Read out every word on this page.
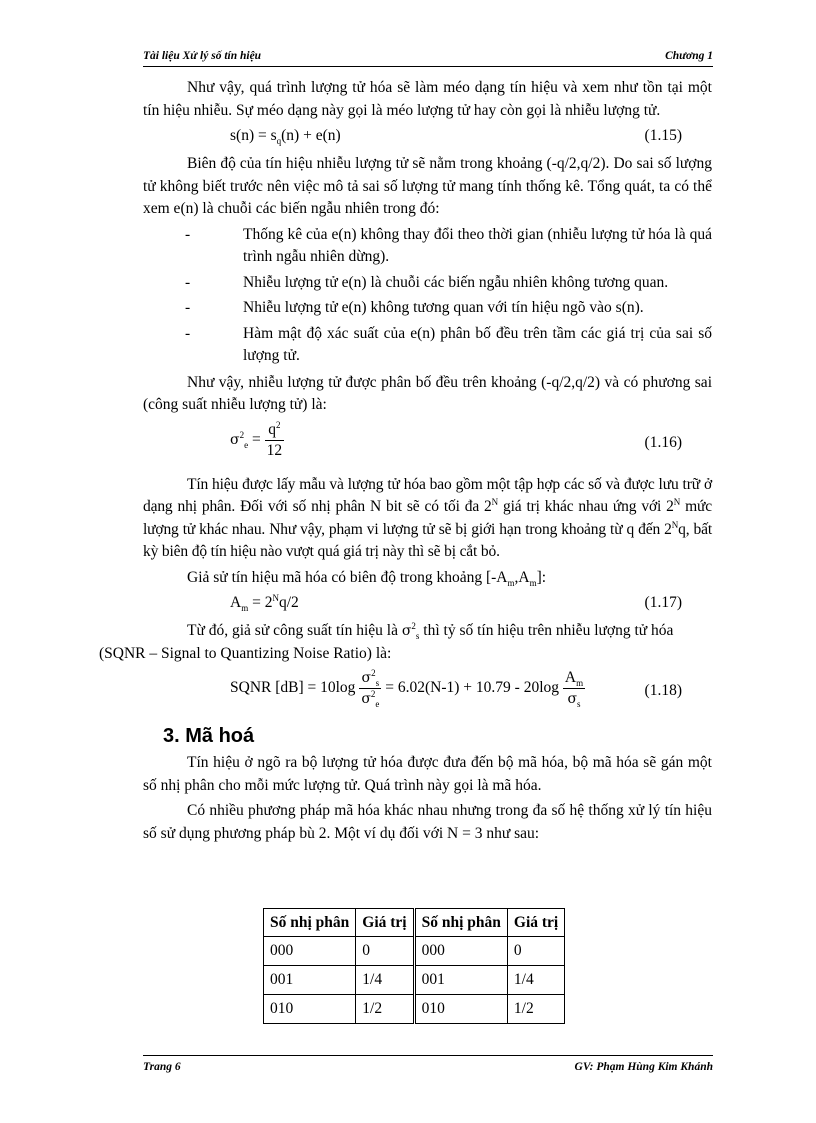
Tài liệu Xử lý số tín hiệu	Chương 1

Như vậy, quá trình lượng tử hóa sẽ làm méo dạng tín hiệu và xem như tồn tại một tín hiệu nhiễu. Sự méo dạng này gọi là méo lượng tử hay còn gọi là nhiễu lượng tử.

$s(n) = s_q(n) + e(n)$	(1.15)

Biên độ của tín hiệu nhiễu lượng tử sẽ nằm trong khoảng (-q/2,q/2). Do sai số lượng tử không biết trước nên việc mô tả sai số lượng tử mang tính thống kê. Tổng quát, ta có thể xem e(n) là chuỗi các biến ngẫu nhiên trong đó:

-	Thống kê của e(n) không thay đổi theo thời gian (nhiễu lượng tử hóa là quá trình ngẫu nhiên dừng).
-	Nhiễu lượng tử e(n) là chuỗi các biến ngẫu nhiên không tương quan.
-	Nhiễu lượng tử e(n) không tương quan với tín hiệu ngõ vào s(n).
-	Hàm mật độ xác suất của e(n) phân bố đều trên tầm các giá trị của sai số lượng tử.

Như vậy, nhiễu lượng tử được phân bố đều trên khoảng (-q/2,q/2) và có phương sai (công suất nhiễu lượng tử) là:

$\sigma^2_e = \frac{q^2}{12}$	(1.16)

Tín hiệu được lấy mẫu và lượng tử hóa bao gồm một tập hợp các số và được lưu trữ ở dạng nhị phân. Đối với số nhị phân N bit sẽ có tối đa $2^N$ giá trị khác nhau ứng với $2^N$ mức lượng tử khác nhau. Như vậy, phạm vi lượng tử sẽ bị giới hạn trong khoảng từ q đến $2^Nq$, bất kỳ biên độ tín hiệu nào vượt quá giá trị này thì sẽ bị cắt bỏ.

Giả sử tín hiệu mã hóa có biên độ trong khoảng $[-A_m,A_m]$:

$A_m = 2^Nq/2$	(1.17)

Từ đó, giả sử công suất tín hiệu là $\sigma^2_s$ thì tỷ số tín hiệu trên nhiễu lượng tử hóa
(SQNR – Signal to Quantizing Noise Ratio) là:

SQNR $[dB] = 10\log \frac{\sigma^2_s}{\sigma^2_e} = 6.02(N-1) + 10.79 - 20\log \frac{A_m}{\sigma_s}$	(1.18)
3. Mã hoá

Tín hiệu ở ngõ ra bộ lượng tử hóa được đưa đến bộ mã hóa, bộ mã hóa sẽ gán một số nhị phân cho mỗi mức lượng tử. Quá trình này gọi là mã hóa.

Có nhiều phương pháp mã hóa khác nhau nhưng trong đa số hệ thống xử lý tín hiệu số sử dụng phương pháp bù 2. Một ví dụ đối với N = 3 như sau:

Số nhị phân	Giá trị	Số nhị phân	Giá trị
000	0	000	0
001	1/4	001	1/4
010	1/2	010	1/2
Trang 6	GV: Phạm Hùng Kim Khánh
